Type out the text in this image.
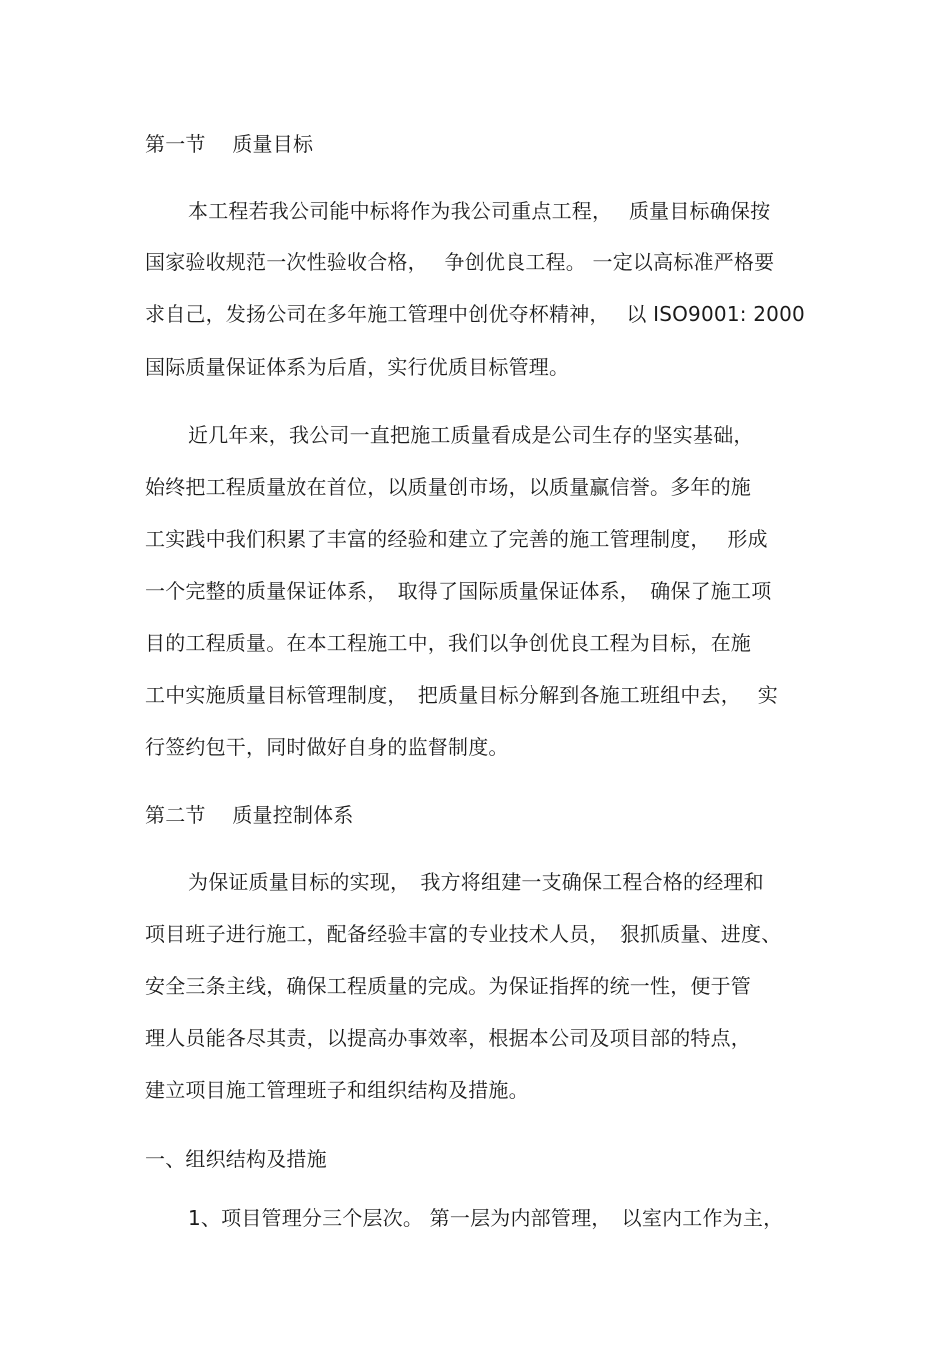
第一节　 质量目标
本工程若我公司能中标将作为我公司重点工程，　 质量目标确保按
国家验收规范一次性验收合格，　 争创优良工程。 一定以高标准严格要
求自己，发扬公司在多年施工管理中创优夺杯精神，　 以 ISO9001: 2000
国际质量保证体系为后盾，实行优质目标管理。
近几年来，我公司一直把施工质量看成是公司生存的坚实基础，
始终把工程质量放在首位，以质量创市场，以质量赢信誉。多年的施
工实践中我们积累了丰富的经验和建立了完善的施工管理制度，　 形成
一个完整的质量保证体系，　取得了国际质量保证体系，　确保了施工项
目的工程质量。在本工程施工中，我们以争创优良工程为目标，在施
工中实施质量目标管理制度，　把质量目标分解到各施工班组中去，　 实
行签约包干，同时做好自身的监督制度。
第二节　 质量控制体系
为保证质量目标的实现，　我方将组建一支确保工程合格的经理和
项目班子进行施工，配备经验丰富的专业技术人员，　狠抓质量、进度、
安全三条主线，确保工程质量的完成。为保证指挥的统一性，便于管
理人员能各尽其责，以提高办事效率，根据本公司及项目部的特点，
建立项目施工管理班子和组织结构及措施。
一、组织结构及措施
1、项目管理分三个层次。 第一层为内部管理，　以室内工作为主，
